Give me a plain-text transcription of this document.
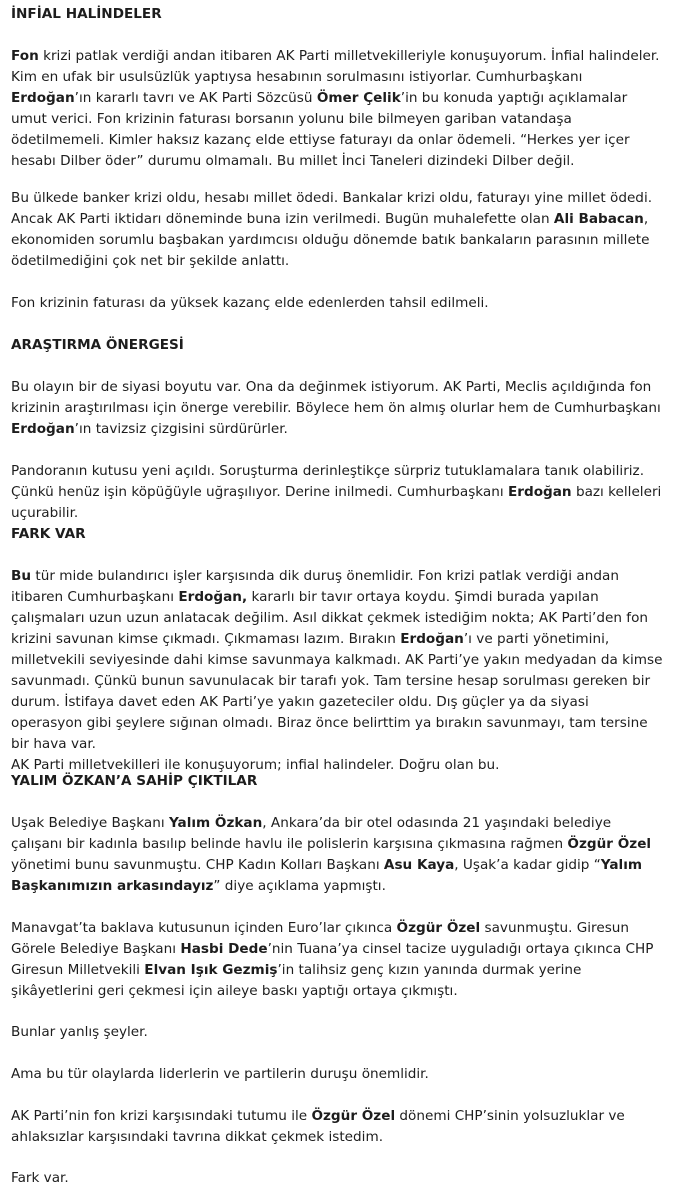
İNFİAL HALİNDELER

Fon krizi patlak verdiği andan itibaren AK Parti milletvekilleriyle konuşuyorum. İnfial halindeler. Kim en ufak bir usulsüzlük yaptıysa hesabının sorulmasını istiyorlar. Cumhurbaşkanı Erdoğan’ın kararlı tavrı ve AK Parti Sözcüsü Ömer Çelik’in bu konuda yaptığı açıklamalar umut verici. Fon krizinin faturası borsanın yolunu bile bilmeyen gariban vatandaşa ödetilmemeli. Kimler haksız kazanç elde ettiyse faturayı da onlar ödemeli. “Herkes yer içer hesabı Dilber öder” durumu olmamalı. Bu millet İnci Taneleri dizindeki Dilber değil.

Bu ülkede banker krizi oldu, hesabı millet ödedi. Bankalar krizi oldu, faturayı yine millet ödedi. Ancak AK Parti iktidarı döneminde buna izin verilmedi. Bugün muhalefette olan Ali Babacan, ekonomiden sorumlu başbakan yardımcısı olduğu dönemde batık bankaların parasının millete ödetilmediğini çok net bir şekilde anlattı.

Fon krizinin faturası da yüksek kazanç elde edenlerden tahsil edilmeli.

ARAŞTIRMA ÖNERGESİ

Bu olayın bir de siyasi boyutu var. Ona da değinmek istiyorum. AK Parti, Meclis açıldığında fon krizinin araştırılması için önerge verebilir. Böylece hem ön almış olurlar hem de Cumhurbaşkanı Erdoğan’ın tavizsiz çizgisini sürdürürler.

Pandoranın kutusu yeni açıldı. Soruşturma derinleştikçe sürpriz tutuklamalara tanık olabiliriz. Çünkü henüz işin köpüğüyle uğraşılıyor. Derine inilmedi. Cumhurbaşkanı Erdoğan bazı kelleleri uçurabilir.

FARK VAR

Bu tür mide bulandırıcı işler karşısında dik duruş önemlidir. Fon krizi patlak verdiği andan itibaren Cumhurbaşkanı Erdoğan, kararlı bir tavır ortaya koydu. Şimdi burada yapılan çalışmaları uzun uzun anlatacak değilim. Asıl dikkat çekmek istediğim nokta; AK Parti’den fon krizini savunan kimse çıkmadı. Çıkmaması lazım. Bırakın Erdoğan’ı ve parti yönetimini, milletvekili seviyesinde dahi kimse savunmaya kalkmadı. AK Parti’ye yakın medyadan da kimse savunmadı. Çünkü bunun savunulacak bir tarafı yok. Tam tersine hesap sorulması gereken bir durum. İstifaya davet eden AK Parti’ye yakın gazeteciler oldu. Dış güçler ya da siyasi operasyon gibi şeylere sığınan olmadı. Biraz önce belirttim ya bırakın savunmayı, tam tersine bir hava var.
AK Parti milletvekilleri ile konuşuyorum; infial halindeler. Doğru olan bu.

YALIM ÖZKAN’A SAHİP ÇIKTILAR

Uşak Belediye Başkanı Yalım Özkan, Ankara’da bir otel odasında 21 yaşındaki belediye çalışanı bir kadınla basılıp belinde havlu ile polislerin karşısına çıkmasına rağmen Özgür Özel yönetimi bunu savunmuştu. CHP Kadın Kolları Başkanı Asu Kaya, Uşak’a kadar gidip “Yalım Başkanımızın arkasındayız” diye açıklama yapmıştı.

Manavgat’ta baklava kutusunun içinden Euro’lar çıkınca Özgür Özel savunmuştu. Giresun Görele Belediye Başkanı Hasbi Dede’nin Tuana’ya cinsel tacize uyguladığı ortaya çıkınca CHP Giresun Milletvekili Elvan Işık Gezmiş’in talihsiz genç kızın yanında durmak yerine şikâyetlerini geri çekmesi için aileye baskı yaptığı ortaya çıkmıştı.

Bunlar yanlış şeyler.

Ama bu tür olaylarda liderlerin ve partilerin duruşu önemlidir.

AK Parti’nin fon krizi karşısındaki tutumu ile Özgür Özel dönemi CHP’sinin yolsuzluklar ve ahlaksızlar karşısındaki tavrına dikkat çekmek istedim.

Fark var.
